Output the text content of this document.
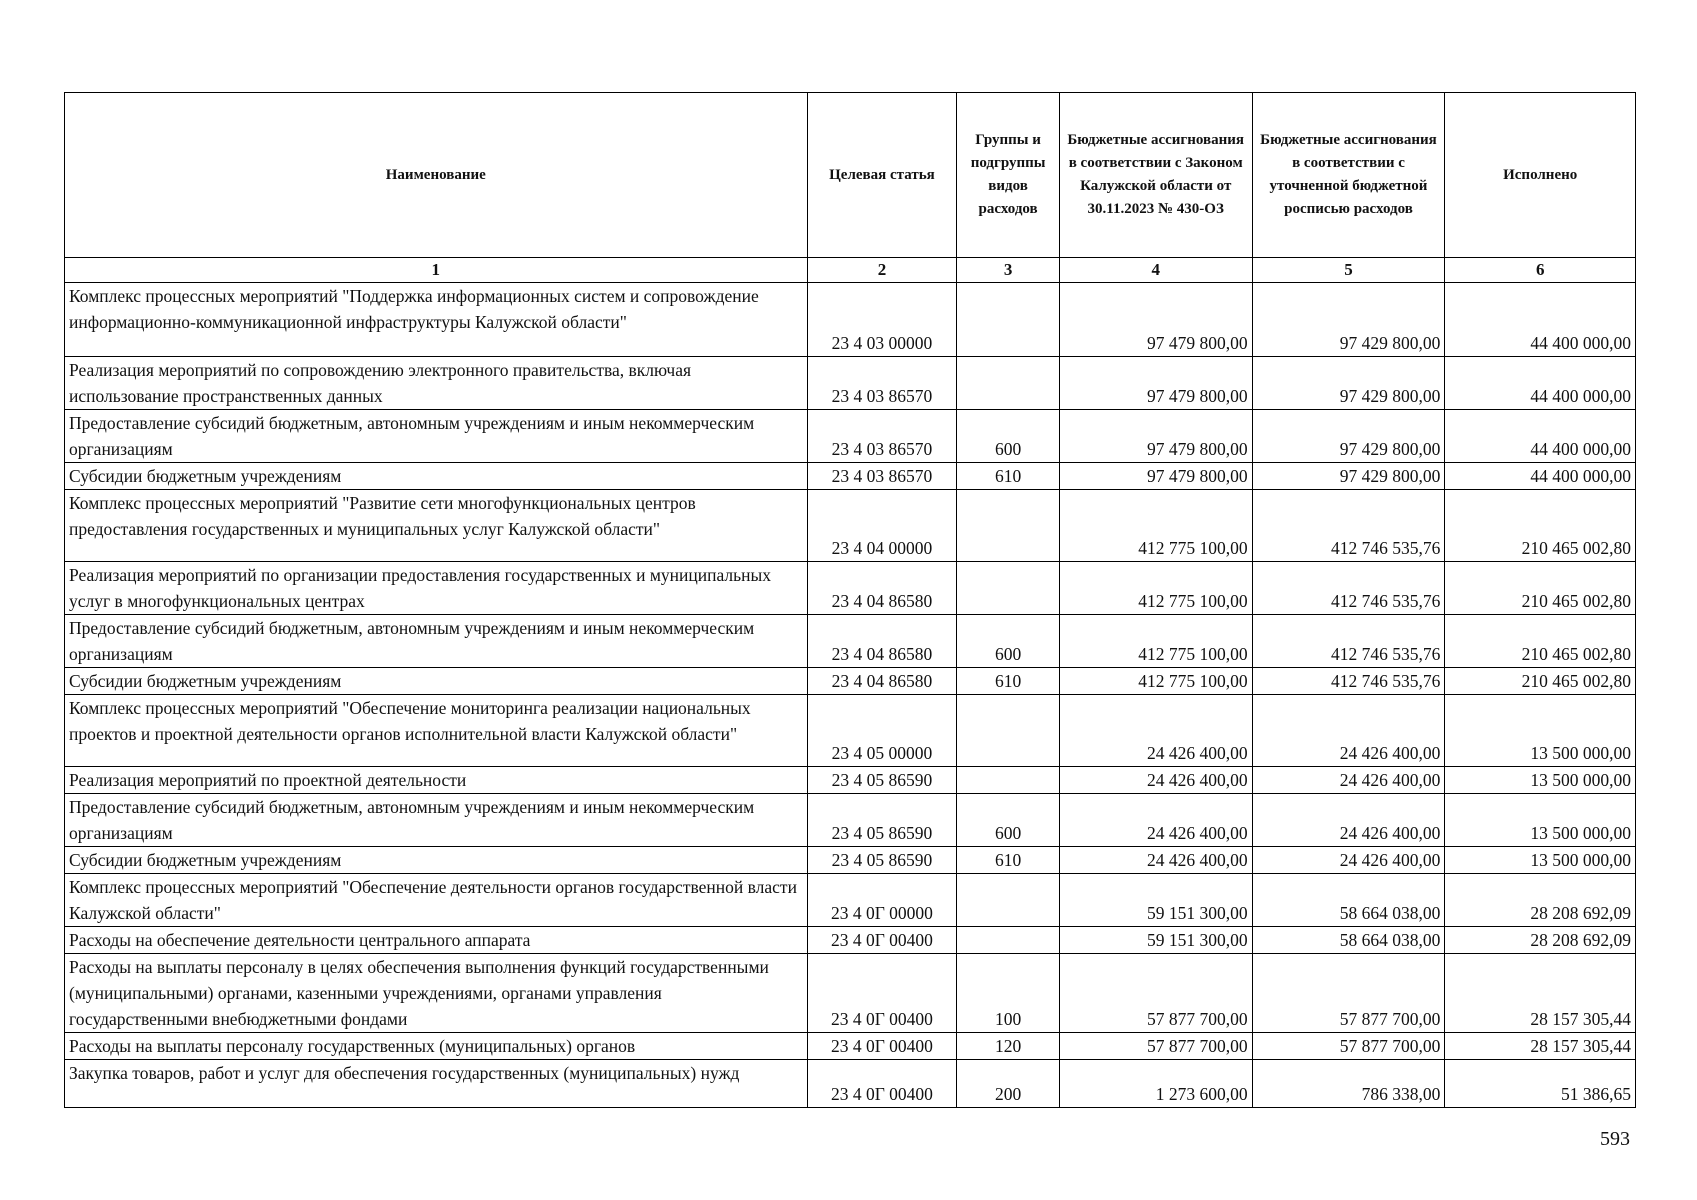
Наименование	Целевая статья	Группы и подгруппы видов расходов	Бюджетные ассигнования в соответствии с Законом Калужской области от 30.11.2023 № 430-ОЗ	Бюджетные ассигнования в соответствии с уточненной бюджетной росписью расходов	Исполнено
1	2	3	4	5	6
Комплекс процессных мероприятий "Поддержка информационных систем и сопровождение информационно-коммуникационной инфраструктуры Калужской области"	23 4 03 00000		97 479 800,00	97 429 800,00	44 400 000,00
Реализация мероприятий по сопровождению электронного правительства, включая использование пространственных данных	23 4 03 86570		97 479 800,00	97 429 800,00	44 400 000,00
Предоставление субсидий бюджетным, автономным учреждениям и иным некоммерческим организациям	23 4 03 86570	600	97 479 800,00	97 429 800,00	44 400 000,00
Субсидии бюджетным учреждениям	23 4 03 86570	610	97 479 800,00	97 429 800,00	44 400 000,00
Комплекс процессных мероприятий "Развитие сети многофункциональных центров предоставления государственных и муниципальных услуг Калужской области"	23 4 04 00000		412 775 100,00	412 746 535,76	210 465 002,80
Реализация мероприятий по организации предоставления государственных и муниципальных услуг в многофункциональных центрах	23 4 04 86580		412 775 100,00	412 746 535,76	210 465 002,80
Предоставление субсидий бюджетным, автономным учреждениям и иным некоммерческим организациям	23 4 04 86580	600	412 775 100,00	412 746 535,76	210 465 002,80
Субсидии бюджетным учреждениям	23 4 04 86580	610	412 775 100,00	412 746 535,76	210 465 002,80
Комплекс процессных мероприятий "Обеспечение мониторинга реализации национальных проектов и проектной деятельности органов исполнительной власти Калужской области"	23 4 05 00000		24 426 400,00	24 426 400,00	13 500 000,00
Реализация мероприятий по проектной деятельности	23 4 05 86590		24 426 400,00	24 426 400,00	13 500 000,00
Предоставление субсидий бюджетным, автономным учреждениям и иным некоммерческим организациям	23 4 05 86590	600	24 426 400,00	24 426 400,00	13 500 000,00
Субсидии бюджетным учреждениям	23 4 05 86590	610	24 426 400,00	24 426 400,00	13 500 000,00
Комплекс процессных мероприятий "Обеспечение деятельности органов государственной власти Калужской области"	23 4 0Г 00000		59 151 300,00	58 664 038,00	28 208 692,09
Расходы на обеспечение деятельности центрального аппарата	23 4 0Г 00400		59 151 300,00	58 664 038,00	28 208 692,09
Расходы на выплаты персоналу в целях обеспечения выполнения функций государственными (муниципальными) органами, казенными учреждениями, органами управления государственными внебюджетными фондами	23 4 0Г 00400	100	57 877 700,00	57 877 700,00	28 157 305,44
Расходы на выплаты персоналу государственных (муниципальных) органов	23 4 0Г 00400	120	57 877 700,00	57 877 700,00	28 157 305,44
Закупка товаров, работ и услуг для обеспечения государственных (муниципальных) нужд	23 4 0Г 00400	200	1 273 600,00	786 338,00	51 386,65
593
